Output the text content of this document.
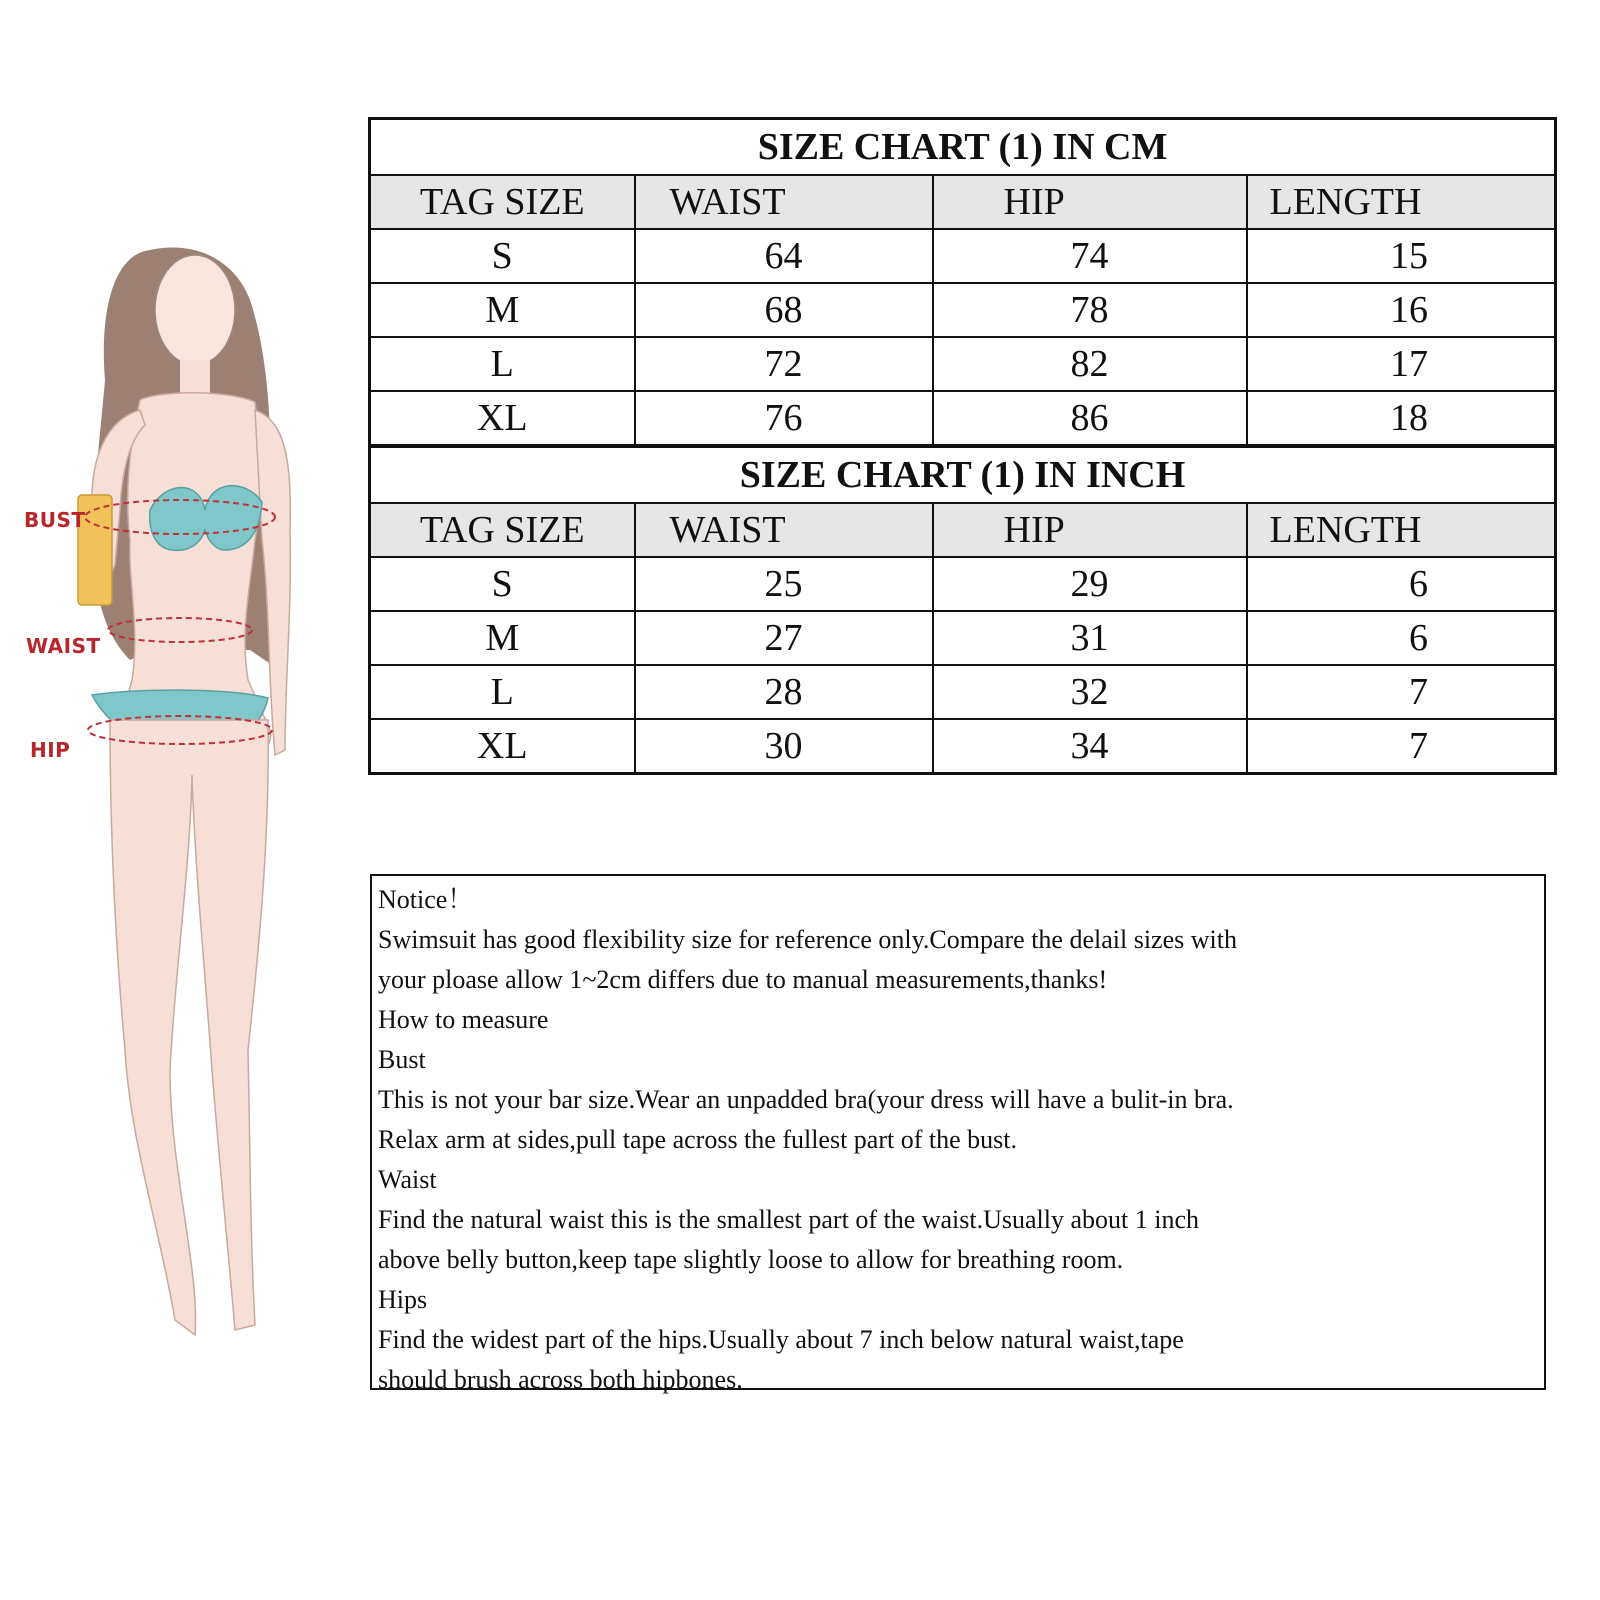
BUST
WAIST
HIP
SIZE CHART (1) IN CM			
TAG SIZE	WAIST	HIP	LENGTH
S	64	74	15
M	68	78	16
L	72	82	17
XL	76	86	18
SIZE CHART (1) IN INCH			
TAG SIZE	WAIST	HIP	LENGTH
S	25	29	6
M	27	31	6
L	28	32	7
XL	30	34	7
Notice！
Swimsuit has good flexibility size for reference only.Compare the delail sizes with
your ploase allow 1~2cm differs due to manual measurements,thanks!
How to measure
Bust
This is not your bar size.Wear an unpadded bra(your dress will have a bulit-in bra.
Relax arm at sides,pull tape across the fullest part of the bust.
Waist
Find the natural waist this is the smallest part of the waist.Usually about 1 inch
above belly button,keep tape slightly loose to allow for breathing room.
Hips
Find the widest part of the hips.Usually about 7 inch below natural waist,tape
should brush across both hipbones.
